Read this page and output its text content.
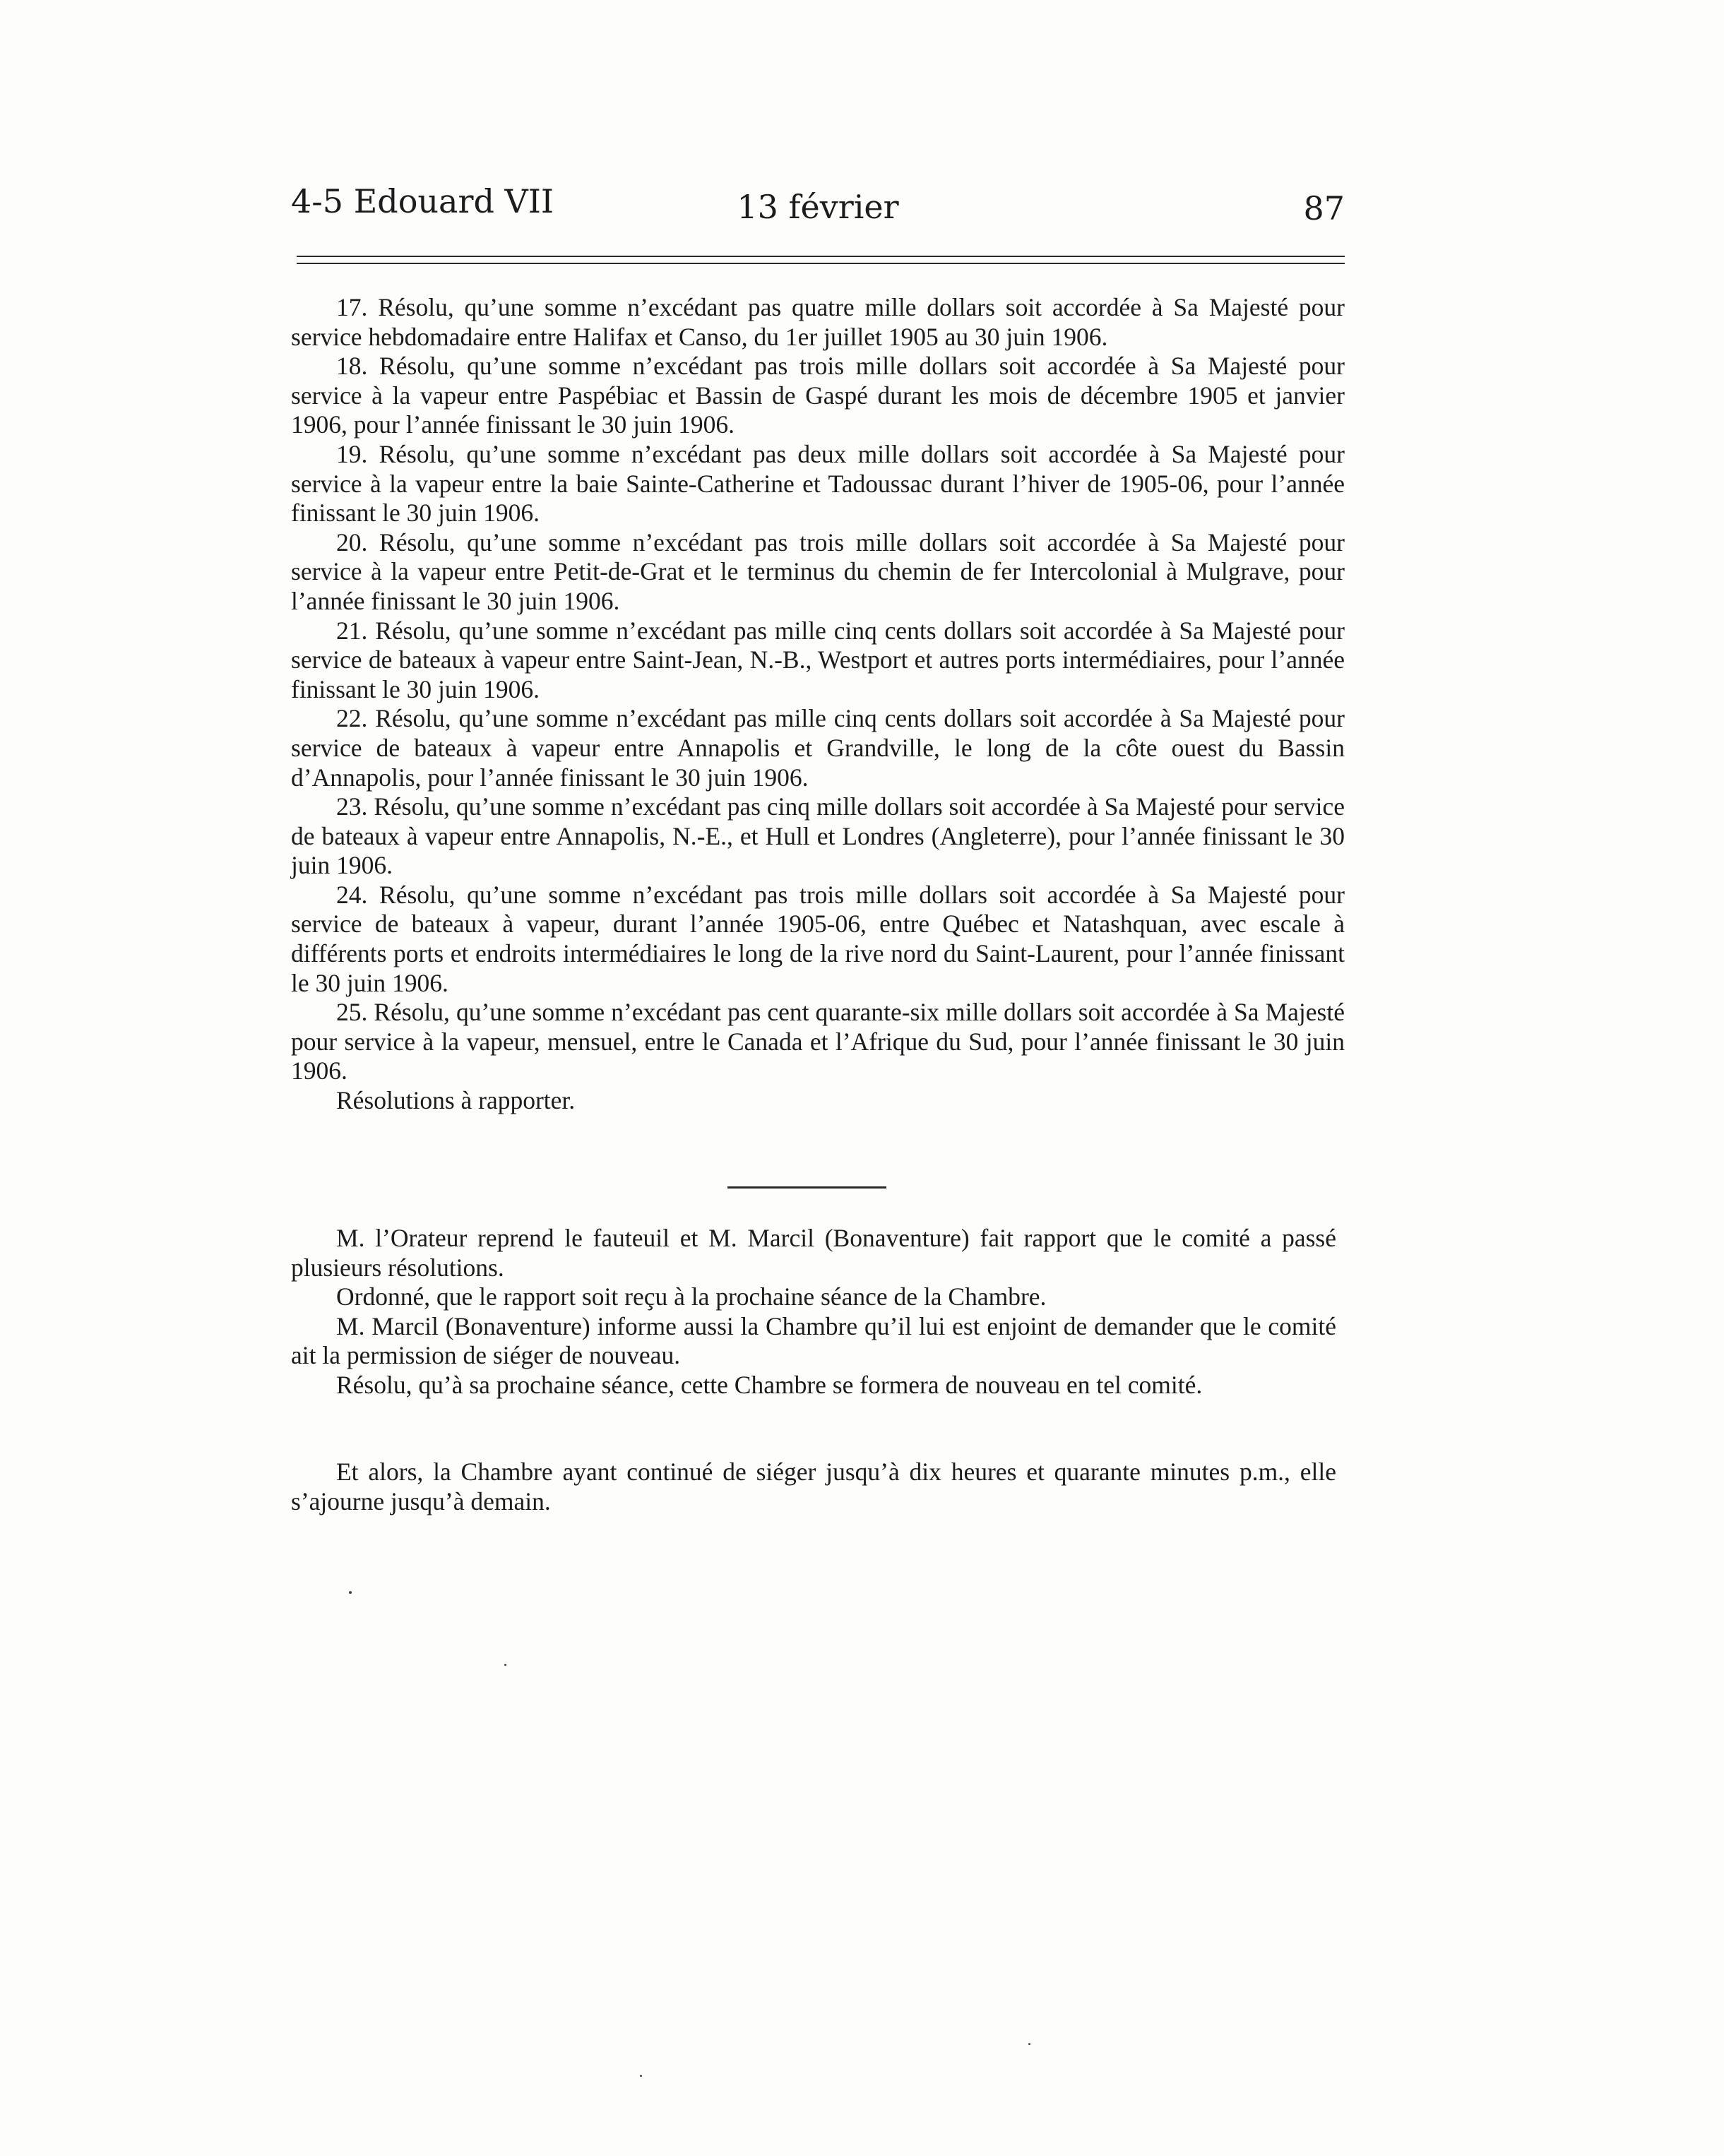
4-5 Edouard VII	13 février	87

17. Résolu, qu’une somme n’excédant pas quatre mille dollars soit accordée à Sa Majesté pour service hebdomadaire entre Halifax et Canso, du 1er juillet 1905 au 30 juin 1906.

18. Résolu, qu’une somme n’excédant pas trois mille dollars soit accordée à Sa Majesté pour service à la vapeur entre Paspébiac et Bassin de Gaspé durant les mois de décembre 1905 et janvier 1906, pour l’année finissant le 30 juin 1906.

19. Résolu, qu’une somme n’excédant pas deux mille dollars soit accordée à Sa Majesté pour service à la vapeur entre la baie Sainte-Catherine et Tadoussac durant l’hiver de 1905-06, pour l’année finissant le 30 juin 1906.

20. Résolu, qu’une somme n’excédant pas trois mille dollars soit accordée à Sa Majesté pour service à la vapeur entre Petit-de-Grat et le terminus du chemin de fer Intercolonial à Mulgrave, pour l’année finissant le 30 juin 1906.

21. Résolu, qu’une somme n’excédant pas mille cinq cents dollars soit accordée à Sa Majesté pour service de bateaux à vapeur entre Saint-Jean, N.-B., Westport et autres ports intermédiaires, pour l’année finissant le 30 juin 1906.

22. Résolu, qu’une somme n’excédant pas mille cinq cents dollars soit accordée à Sa Majesté pour service de bateaux à vapeur entre Annapolis et Grandville, le long de la côte ouest du Bassin d’Annapolis, pour l’année finissant le 30 juin 1906.

23. Résolu, qu’une somme n’excédant pas cinq mille dollars soit accordée à Sa Majesté pour service de bateaux à vapeur entre Annapolis, N.-E., et Hull et Londres (Angleterre), pour l’année finissant le 30 juin 1906.

24. Résolu, qu’une somme n’excédant pas trois mille dollars soit accordée à Sa Majesté pour service de bateaux à vapeur, durant l’année 1905-06, entre Québec et Natashquan, avec escale à différents ports et endroits intermédiaires le long de la rive nord du Saint-Laurent, pour l’année finissant le 30 juin 1906.

25. Résolu, qu’une somme n’excédant pas cent quarante-six mille dollars soit accordée à Sa Majesté pour service à la vapeur, mensuel, entre le Canada et l’Afrique du Sud, pour l’année finissant le 30 juin 1906.

Résolutions à rapporter.

M. l’Orateur reprend le fauteuil et M. Marcil (Bonaventure) fait rapport que le comité a passé plusieurs résolutions.

Ordonné, que le rapport soit reçu à la prochaine séance de la Chambre.

M. Marcil (Bonaventure) informe aussi la Chambre qu’il lui est enjoint de demander que le comité ait la permission de siéger de nouveau.

Résolu, qu’à sa prochaine séance, cette Chambre se formera de nouveau en tel comité.

Et alors, la Chambre ayant continué de siéger jusqu’à dix heures et quarante minutes p.m., elle s’ajourne jusqu’à demain.
